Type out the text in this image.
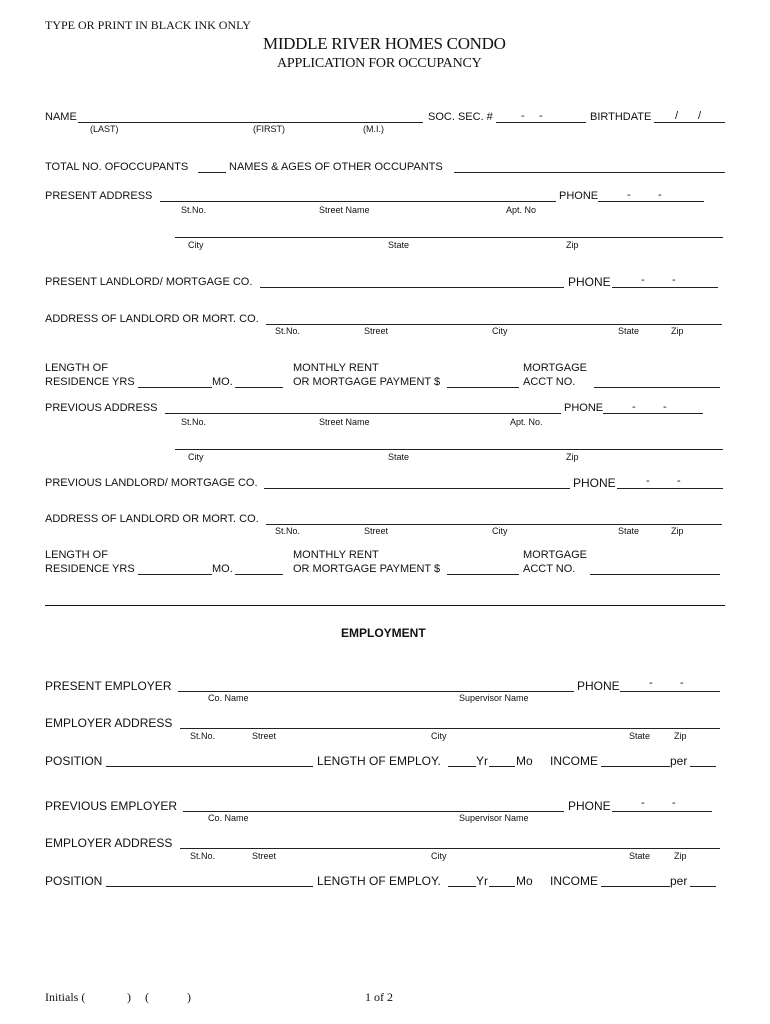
TYPE OR PRINT IN BLACK INK ONLY
MIDDLE RIVER HOMES CONDO
APPLICATION FOR OCCUPANCY
NAME
(LAST)	(FIRST)	(M.I.)
SOC. SEC. #	- -	BIRTHDATE / /
TOTAL NO. OFOCCUPANTS	NAMES & AGES OF OTHER OCCUPANTS
PRESENT ADDRESS	PHONE	- -
St.No.	Street Name	Apt. No
City	State	Zip
PRESENT LANDLORD/ MORTGAGE CO.	PHONE	- -
ADDRESS OF LANDLORD OR MORT. CO.
St.No.	Street	City	State	Zip
LENGTH OF
RESIDENCE YRS	MO.
MONTHLY RENT
OR MORTGAGE PAYMENT $
MORTGAGE
ACCT NO.
PREVIOUS ADDRESS	PHONE	- -
St.No.	Street Name	Apt. No.
City	State	Zip
PREVIOUS LANDLORD/ MORTGAGE CO.	PHONE	- -
ADDRESS OF LANDLORD OR MORT. CO.
St.No.	Street	City	State	Zip
LENGTH OF
RESIDENCE YRS	MO.
MONTHLY RENT
OR MORTGAGE PAYMENT $
MORTGAGE
ACCT NO.
EMPLOYMENT
PRESENT EMPLOYER	PHONE	- -
Co. Name	Supervisor Name
EMPLOYER ADDRESS
St.No.	Street	City	State	Zip
POSITION	LENGTH OF EMPLOY.	Yr Mo INCOME	per
PREVIOUS EMPLOYER	PHONE	- -
Co. Name	Supervisor Name
EMPLOYER ADDRESS
St.No.	Street	City	State	Zip
POSITION	LENGTH OF EMPLOY.	Yr Mo INCOME	per
Initials (	) (	)	1 of 2
